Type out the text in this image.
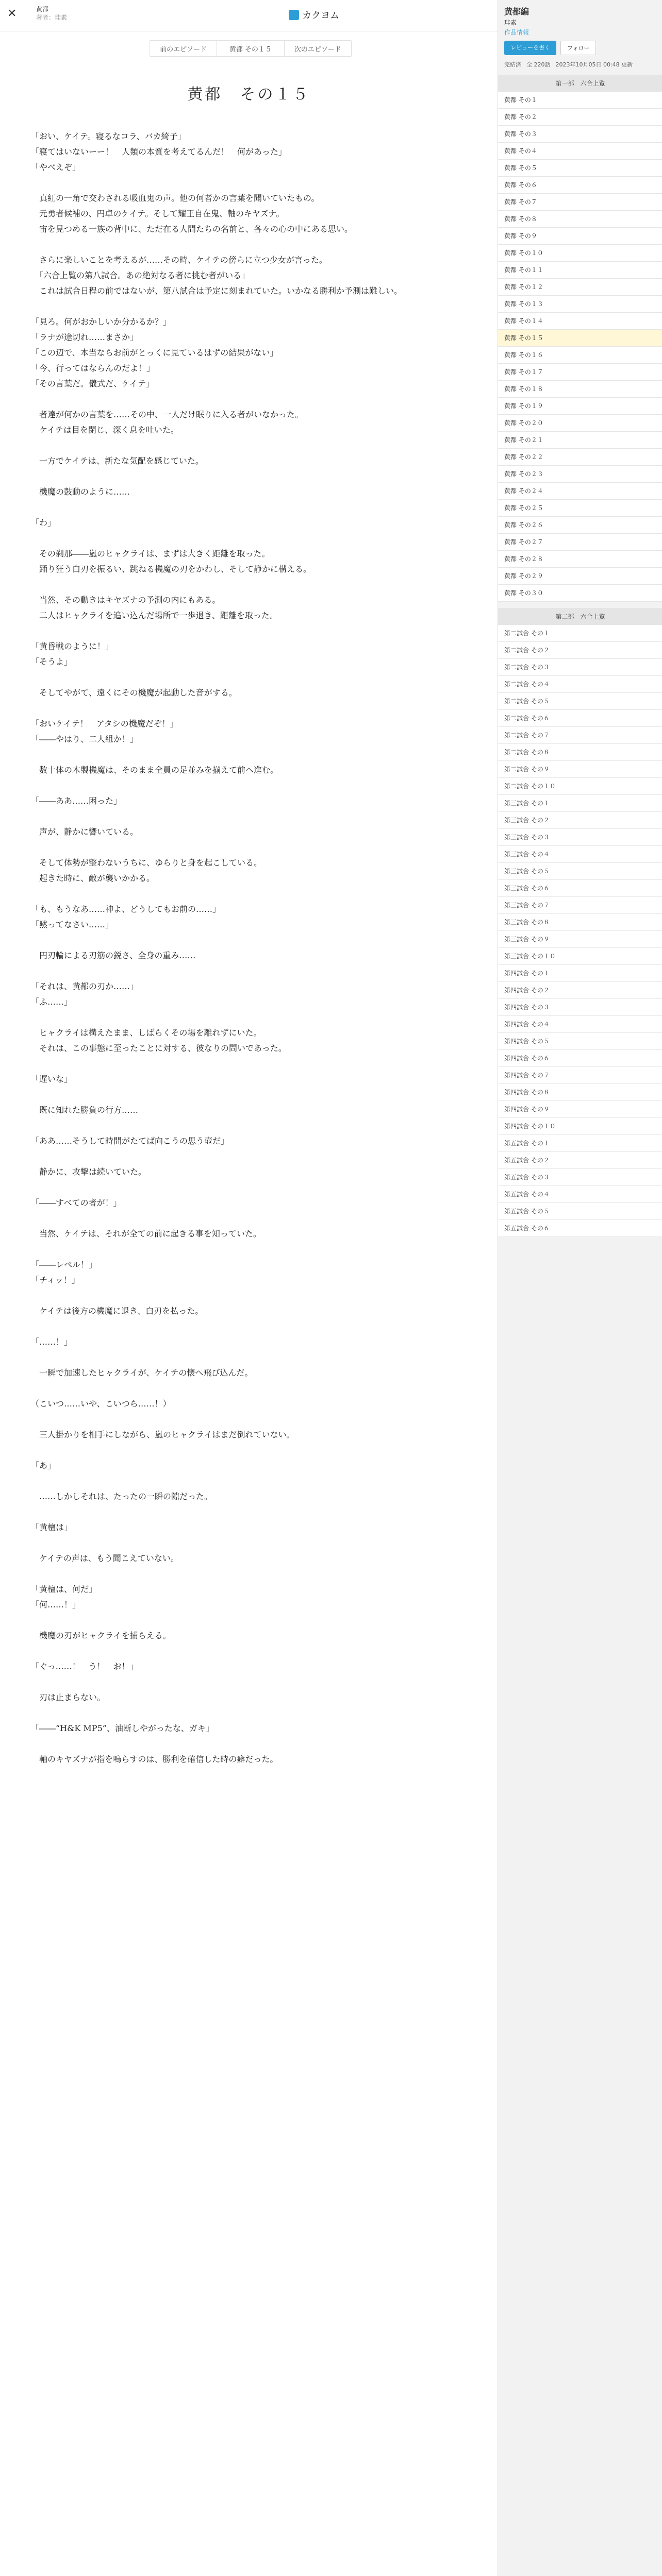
✕	黄都
著者：珪素	カクヨム
前のエピソード	黄都 その１５	次のエピソード
黄都　その１５

「おい、ケイテ。寝るなコラ、バカ綺子」

「寝てはいないーー！　人類の本質を考えてるんだ！　何があった」

「やべえぞ」

　真紅の一角で交わされる吸血鬼の声。他の何者かの言葉を聞いていたもの。

　元勇者候補の、円卓のケイテ。そして耀王自在鬼、軸のキヤズナ。

　宙を見つめる一族の背中に、ただ在る人間たちの名前と、各々の心の中にある思い。

　さらに楽しいことを考えるが……その時、ケイテの傍らに立つ少女が言った。

　「六合上覧の第八試合。あの絶対なる者に挑む者がいる」

　これは試合日程の前ではないが、第八試合は予定に刻まれていた。いかなる勝利か予測は難しい。

「見ろ。何がおかしいか分かるか？」

「ラナが途切れ……まさか」

「この辺で、本当ならお前がとっくに見ているはずの結果がない」

「今、行ってはならんのだよ！」

「その言葉だ。儀式だ、ケイテ」

　者達が何かの言葉を……その中、一人だけ眠りに入る者がいなかった。

　ケイテは目を閉じ、深く息を吐いた。

　一方でケイテは、新たな気配を感じていた。

　機魔の鼓動のように……

「わ」

　その刹那――嵐のヒャクライは、まずは大きく距離を取った。

　踊り狂う白刃を振るい、跳ねる機魔の刃をかわし、そして静かに構える。

　当然、その動きはキヤズナの予測の内にもある。

　二人はヒャクライを追い込んだ場所で一歩退き、距離を取った。

「黄昏戦のように！」

「そうよ」

　そしてやがて、遠くにその機魔が起動した音がする。

「おいケイテ！　アタシの機魔だぞ！」

「――やはり、二人組か！」

　数十体の木製機魔は、そのまま全員の足並みを揃えて前へ進む。

「――ああ……困った」

　声が、静かに響いている。

　そして体勢が整わないうちに、ゆらりと身を起こしている。

　起きた時に、敵が襲いかかる。

「も、もうなあ……神よ、どうしてもお前の……」

「黙ってなさい……」

　円刃輪による刃筋の鋭さ、全身の重み……

「それは、黄都の刃か……」

「ふ……」

　ヒャクライは構えたまま、しばらくその場を離れずにいた。

　それは、この事態に至ったことに対する、彼なりの問いであった。

「遅いな」

　既に知れた勝負の行方……

「ああ……そうして時間がたてば向こうの思う壺だ」

　静かに、攻撃は続いていた。

「――すべての者が！」

　当然、ケイテは、それが全ての前に起きる事を知っていた。

「――レベル！」

「チィッ！」

　ケイテは後方の機魔に退き、白刃を払った。

「……！」

　一瞬で加速したヒャクライが、ケイテの懐へ飛び込んだ。

（こいつ……いや、こいつら……！）

　三人掛かりを相手にしながら、嵐のヒャクライはまだ倒れていない。

「あ」

　……しかしそれは、たったの一瞬の隙だった。

「黄檀は」

　ケイテの声は、もう聞こえていない。

「黄檀は、何だ」

「何……！」

　機魔の刃がヒャクライを捕らえる。

「ぐっ……！　う！　お！」

　刃は止まらない。

「――“H&K MP5”、油断しやがったな、ガキ」

　軸のキヤズナが指を鳴らすのは、勝利を確信した時の癖だった。

黄都編
珪素
作品情報
レビューを書く	フォロー
完結済 全 220話 2023年10月05日 00:48 更新
第一部　六合上覧
黄都 その１
黄都 その２
黄都 その３
黄都 その４
黄都 その５
黄都 その６
黄都 その７
黄都 その８
黄都 その９
黄都 その１０
黄都 その１１
黄都 その１２
黄都 その１３
黄都 その１４
黄都 その１５
黄都 その１６
黄都 その１７
黄都 その１８
黄都 その１９
黄都 その２０
黄都 その２１
黄都 その２２
黄都 その２３
黄都 その２４
黄都 その２５
黄都 その２６
黄都 その２７
黄都 その２８
黄都 その２９
黄都 その３０
第二部　六合上覧
第二試合 その１
第二試合 その２
第二試合 その３
第二試合 その４
第二試合 その５
第二試合 その６
第二試合 その７
第二試合 その８
第二試合 その９
第二試合 その１０
第三試合 その１
第三試合 その２
第三試合 その３
第三試合 その４
第三試合 その５
第三試合 その６
第三試合 その７
第三試合 その８
第三試合 その９
第三試合 その１０
第四試合 その１
第四試合 その２
第四試合 その３
第四試合 その４
第四試合 その５
第四試合 その６
第四試合 その７
第四試合 その８
第四試合 その９
第四試合 その１０
第五試合 その１
第五試合 その２
第五試合 その３
第五試合 その４
第五試合 その５
第五試合 その６
